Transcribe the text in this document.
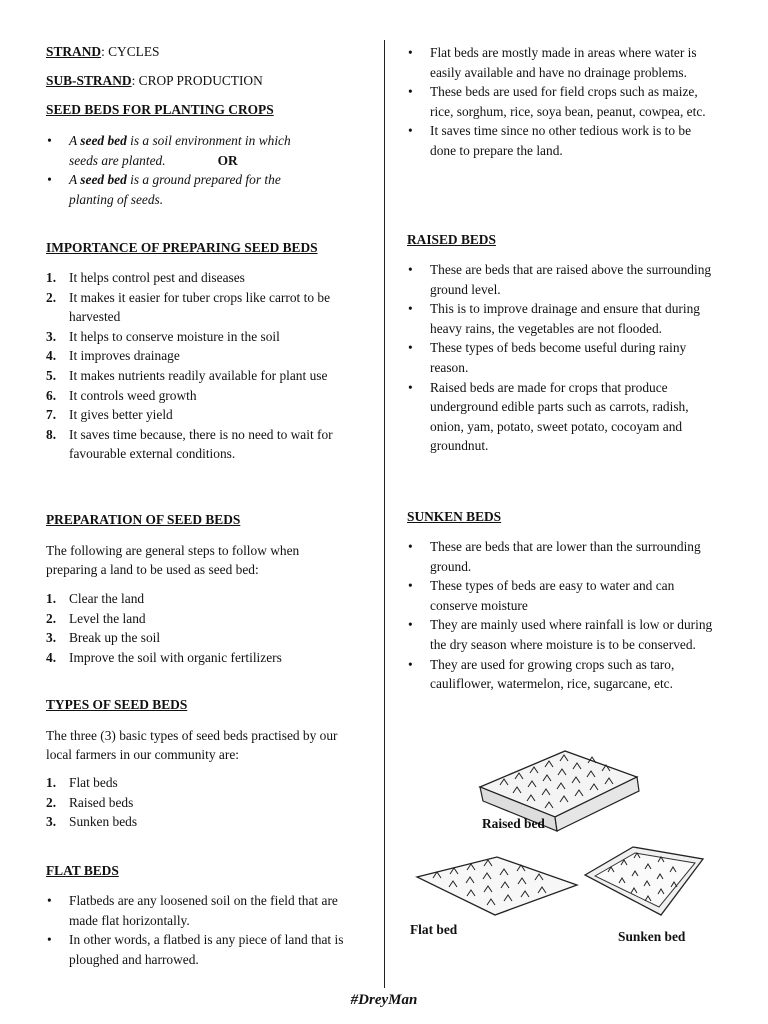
STRAND: CYCLES
SUB-STRAND: CROP PRODUCTION
SEED BEDS FOR PLANTING CROPS
• A seed bed is a soil environment in which
seeds are planted.	OR
• A seed bed is a ground prepared for the
planting of seeds.
IMPORTANCE OF PREPARING SEED BEDS
1. It helps control pest and diseases
2. It makes it easier for tuber crops like carrot to be harvested
3. It helps to conserve moisture in the soil
4. It improves drainage
5. It makes nutrients readily available for plant use
6. It controls weed growth
7. It gives better yield
8. It saves time because, there is no need to wait for favourable external conditions.
PREPARATION OF SEED BEDS
The following are general steps to follow when preparing a land to be used as seed bed:
1. Clear the land
2. Level the land
3. Break up the soil
4. Improve the soil with organic fertilizers
TYPES OF SEED BEDS
The three (3) basic types of seed beds practised by our local farmers in our community are:
1. Flat beds
2. Raised beds
3. Sunken beds
FLAT BEDS
• Flatbeds are any loosened soil on the field that are made flat horizontally.
• In other words, a flatbed is any piece of land that is ploughed and harrowed.
• Flat beds are mostly made in areas where water is easily available and have no drainage problems.
• These beds are used for field crops such as maize, rice, sorghum, rice, soya bean, peanut, cowpea, etc.
• It saves time since no other tedious work is to be done to prepare the land.
RAISED BEDS
• These are beds that are raised above the surrounding ground level.
• This is to improve drainage and ensure that during heavy rains, the vegetables are not flooded.
• These types of beds become useful during rainy reason.
• Raised beds are made for crops that produce underground edible parts such as carrots, radish, onion, yam, potato, sweet potato, cocoyam and groundnut.
SUNKEN BEDS
• These are beds that are lower than the surrounding ground.
• These types of beds are easy to water and can conserve moisture
• They are mainly used where rainfall is low or during the dry season where moisture is to be conserved.
• They are used for growing crops such as taro, cauliflower, watermelon, rice, sugarcane, etc.
Raised bed
Flat bed	Sunken bed
#DreyMan
